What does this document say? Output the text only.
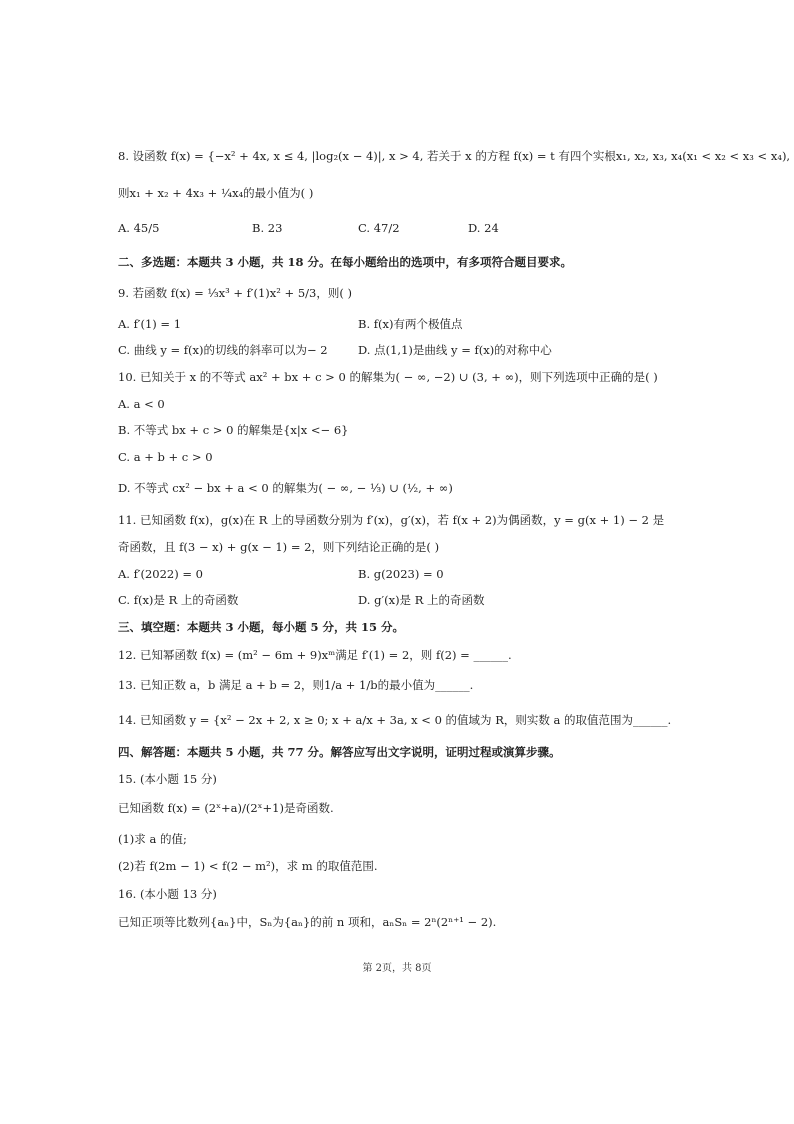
8. 设函数 f(x) = {−x² + 4x, x ≤ 4, |log₂(x − 4)|, x > 4, 若关于 x 的方程 f(x) = t 有四个实根x₁, x₂, x₃, x₄(x₁ < x₂ < x₃ < x₄),
则x₁ + x₂ + 4x₃ + ¼x₄的最小值为( )
A. 45/5	B. 23	C. 47/2	D. 24
二、多选题：本题共 3 小题，共 18 分。在每小题给出的选项中，有多项符合题目要求。
9. 若函数 f(x) = ⅓x³ + f′(1)x² + 5/3，则( )
A. f′(1) = 1	B. f(x)有两个极值点
C. 曲线 y = f(x)的切线的斜率可以为− 2	D. 点(1,1)是曲线 y = f(x)的对称中心
10. 已知关于 x 的不等式 ax² + bx + c > 0 的解集为( − ∞, −2) ∪ (3, + ∞)，则下列选项中正确的是( )
A. a < 0
B. 不等式 bx + c > 0 的解集是{x|x <− 6}
C. a + b + c > 0
D. 不等式 cx² − bx + a < 0 的解集为( − ∞, − ⅓) ∪ (½, + ∞)
11. 已知函数 f(x)，g(x)在 R 上的导函数分别为 f′(x)，g′(x)，若 f(x + 2)为偶函数，y = g(x + 1) − 2 是
奇函数，且 f(3 − x) + g(x − 1) = 2，则下列结论正确的是( )
A. f′(2022) = 0	B. g(2023) = 0
C. f(x)是 R 上的奇函数	D. g′(x)是 R 上的奇函数
三、填空题：本题共 3 小题，每小题 5 分，共 15 分。
12. 已知幂函数 f(x) = (m² − 6m + 9)xᵐ满足 f′(1) = 2，则 f(2) = ______.
13. 已知正数 a，b 满足 a + b = 2，则1/a + 1/b的最小值为______.
14. 已知函数 y = {x² − 2x + 2, x ≥ 0; x + a/x + 3a, x < 0 的值域为 R，则实数 a 的取值范围为______.
四、解答题：本题共 5 小题，共 77 分。解答应写出文字说明，证明过程或演算步骤。
15. (本小题 15 分)
已知函数 f(x) = (2ˣ+a)/(2ˣ+1)是奇函数.
(1)求 a 的值;
(2)若 f(2m − 1) < f(2 − m²)，求 m 的取值范围.
16. (本小题 13 分)
已知正项等比数列{aₙ}中，Sₙ为{aₙ}的前 n 项和，aₙSₙ = 2ⁿ(2ⁿ⁺¹ − 2).
第 2页，共 8页
